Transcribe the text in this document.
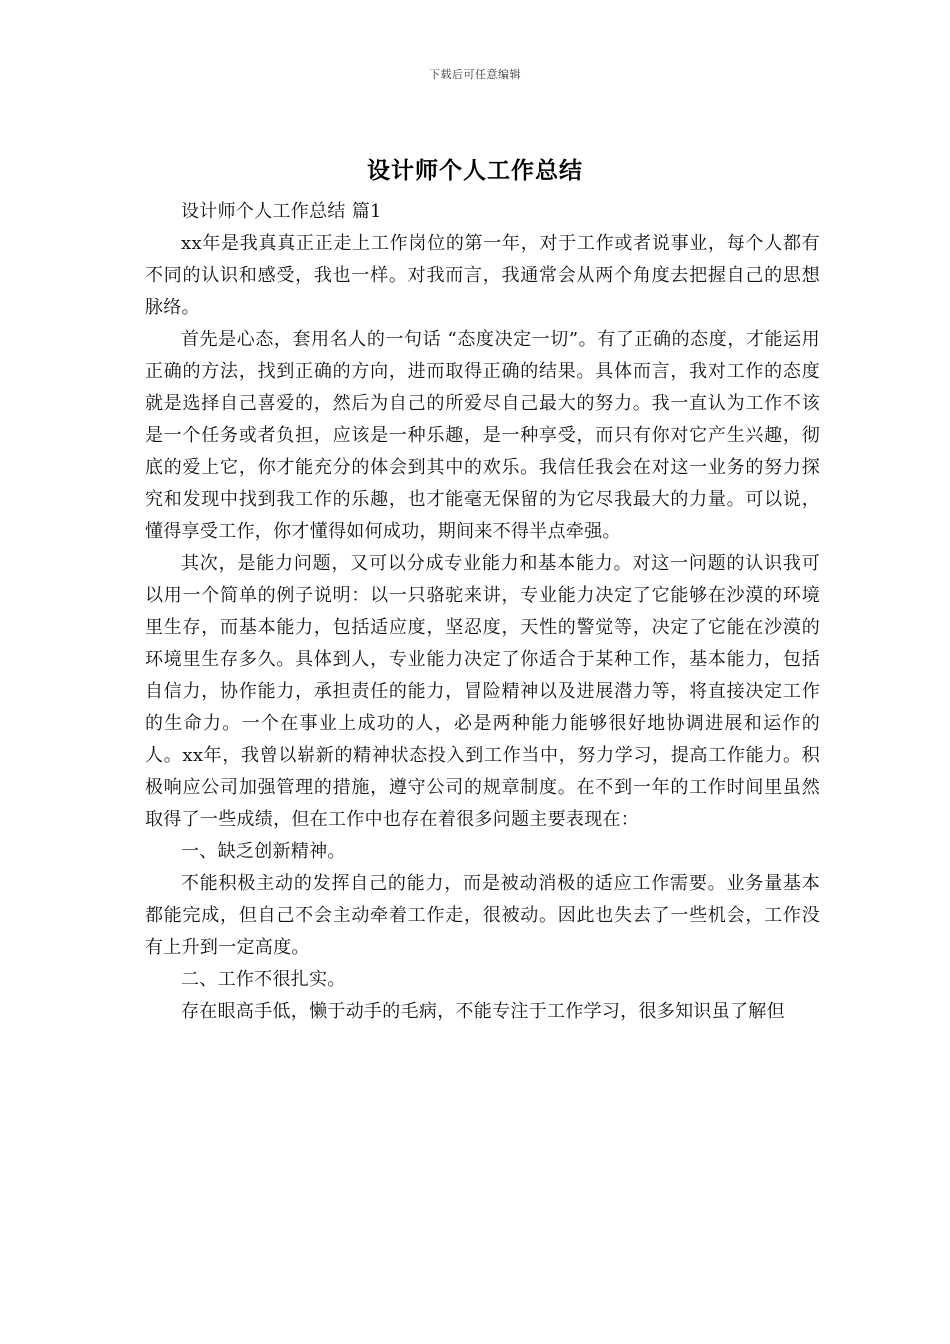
下载后可任意编辑
设计师个人工作总结

设计师个人工作总结 篇1

xx年是我真真正正走上工作岗位的第一年，对于工作或者说事业，每个人都有不同的认识和感受，我也一样。对我而言，我通常会从两个角度去把握自己的思想脉络。

首先是心态，套用名人的一句话 “态度决定一切”。有了正确的态度，才能运用正确的方法，找到正确的方向，进而取得正确的结果。具体而言，我对工作的态度就是选择自己喜爱的，然后为自己的所爱尽自己最大的努力。我一直认为工作不该是一个任务或者负担，应该是一种乐趣，是一种享受，而只有你对它产生兴趣，彻底的爱上它，你才能充分的体会到其中的欢乐。我信任我会在对这一业务的努力探究和发现中找到我工作的乐趣，也才能毫无保留的为它尽我最大的力量。可以说，懂得享受工作，你才懂得如何成功，期间来不得半点牵强。

其次，是能力问题，又可以分成专业能力和基本能力。对这一问题的认识我可以用一个简单的例子说明：以一只骆驼来讲，专业能力决定了它能够在沙漠的环境里生存，而基本能力，包括适应度，坚忍度，天性的警觉等，决定了它能在沙漠的环境里生存多久。具体到人，专业能力决定了你适合于某种工作，基本能力，包括自信力，协作能力，承担责任的能力，冒险精神以及进展潜力等，将直接决定工作的生命力。一个在事业上成功的人，必是两种能力能够很好地协调进展和运作的人。xx年，我曾以崭新的精神状态投入到工作当中，努力学习，提高工作能力。积极响应公司加强管理的措施，遵守公司的规章制度。在不到一年的工作时间里虽然取得了一些成绩，但在工作中也存在着很多问题主要表现在：

一、缺乏创新精神。

不能积极主动的发挥自己的能力，而是被动消极的适应工作需要。业务量基本都能完成，但自己不会主动牵着工作走，很被动。因此也失去了一些机会，工作没有上升到一定高度。

二、工作不很扎实。

存在眼高手低，懒于动手的毛病，不能专注于工作学习，很多知识虽了解但
